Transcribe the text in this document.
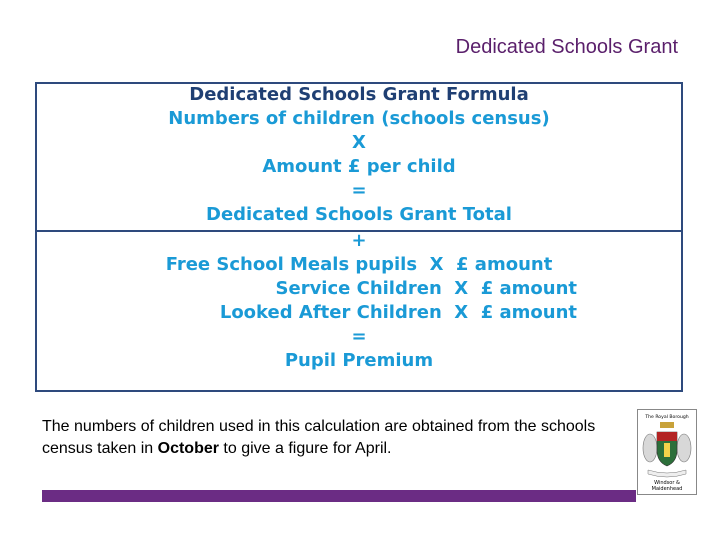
Dedicated Schools Grant
Dedicated Schools Grant Formula
Numbers of children (schools census)
X
Amount £ per child
=
Dedicated Schools Grant Total
+
Free School Meals pupils  X  £ amount
Service Children  X  £ amount
Looked After Children  X  £ amount
=
Pupil Premium
The numbers of children used in this calculation are obtained from the schools census taken in October to give a figure for April.
The Royal Borough
Windsor &
Maidenhead
